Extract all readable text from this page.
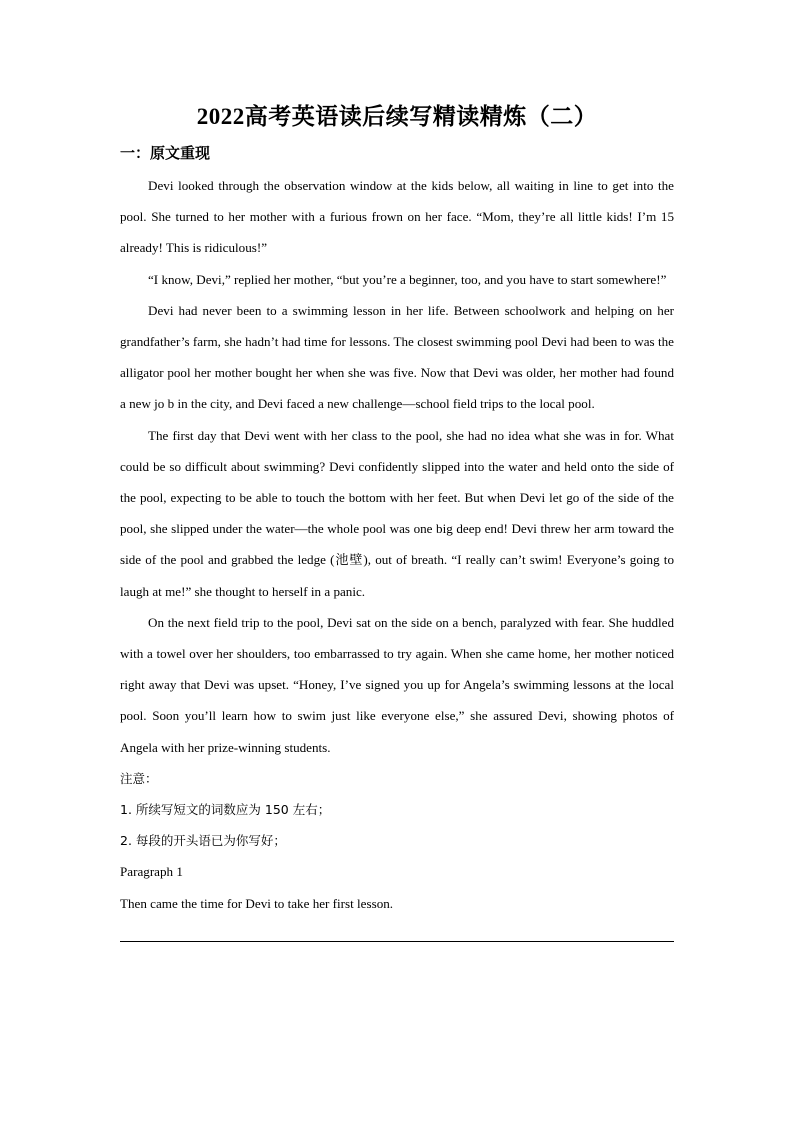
2022高考英语读后续写精读精炼（二）
一：原文重现

Devi looked through the observation window at the kids below, all waiting in line to get into the pool. She turned to her mother with a furious frown on her face. “Mom, they’re all little kids! I’m 15 already! This is ridiculous!”

“I know, Devi,” replied her mother, “but you’re a beginner, too, and you have to start somewhere!”

Devi had never been to a swimming lesson in her life. Between schoolwork and helping on her grandfather’s farm, she hadn’t had time for lessons. The closest swimming pool Devi had been to was the alligator pool her mother bought her when she was five. Now that Devi was older, her mother had found a new jo b in the city, and Devi faced a new challenge—school field trips to the local pool.

The first day that Devi went with her class to the pool, she had no idea what she was in for. What could be so difficult about swimming? Devi confidently slipped into the water and held onto the side of the pool, expecting to be able to touch the bottom with her feet. But when Devi let go of the side of the pool, she slipped under the water—the whole pool was one big deep end! Devi threw her arm toward the side of the pool and grabbed the ledge (池壁), out of breath. “I really can’t swim! Everyone’s going to laugh at me!” she thought to herself in a panic.

On the next field trip to the pool, Devi sat on the side on a bench, paralyzed with fear. She huddled with a towel over her shoulders, too embarrassed to try again. When she came home, her mother noticed right away that Devi was upset. “Honey, I’ve signed you up for Angela’s swimming lessons at the local pool. Soon you’ll learn how to swim just like everyone else,” she assured Devi, showing photos of Angela with her prize-winning students.

注意：

1. 所续写短文的词数应为 150 左右；

2. 每段的开头语已为你写好；

Paragraph 1

Then came the time for Devi to take her first lesson.
